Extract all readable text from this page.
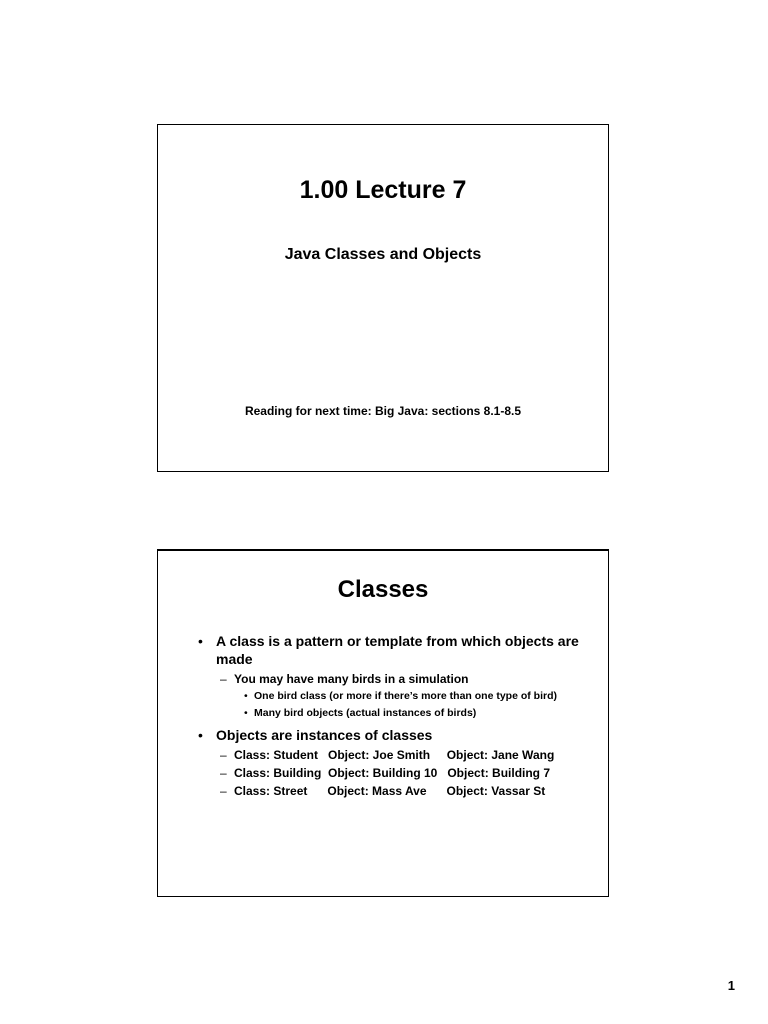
1.00 Lecture 7
Java Classes and Objects
Reading for next time: Big Java: sections 8.1-8.5
Classes
• A class is a pattern or template from which objects are made
– You may have many birds in a simulation
• One bird class (or more if there’s more than one type of bird)
• Many bird objects (actual instances of birds)
• Objects are instances of classes
– Class: Student   Object: Joe Smith     Object: Jane Wang
– Class: Building  Object: Building 10   Object: Building 7
– Class: Street      Object: Mass Ave      Object: Vassar St
1
